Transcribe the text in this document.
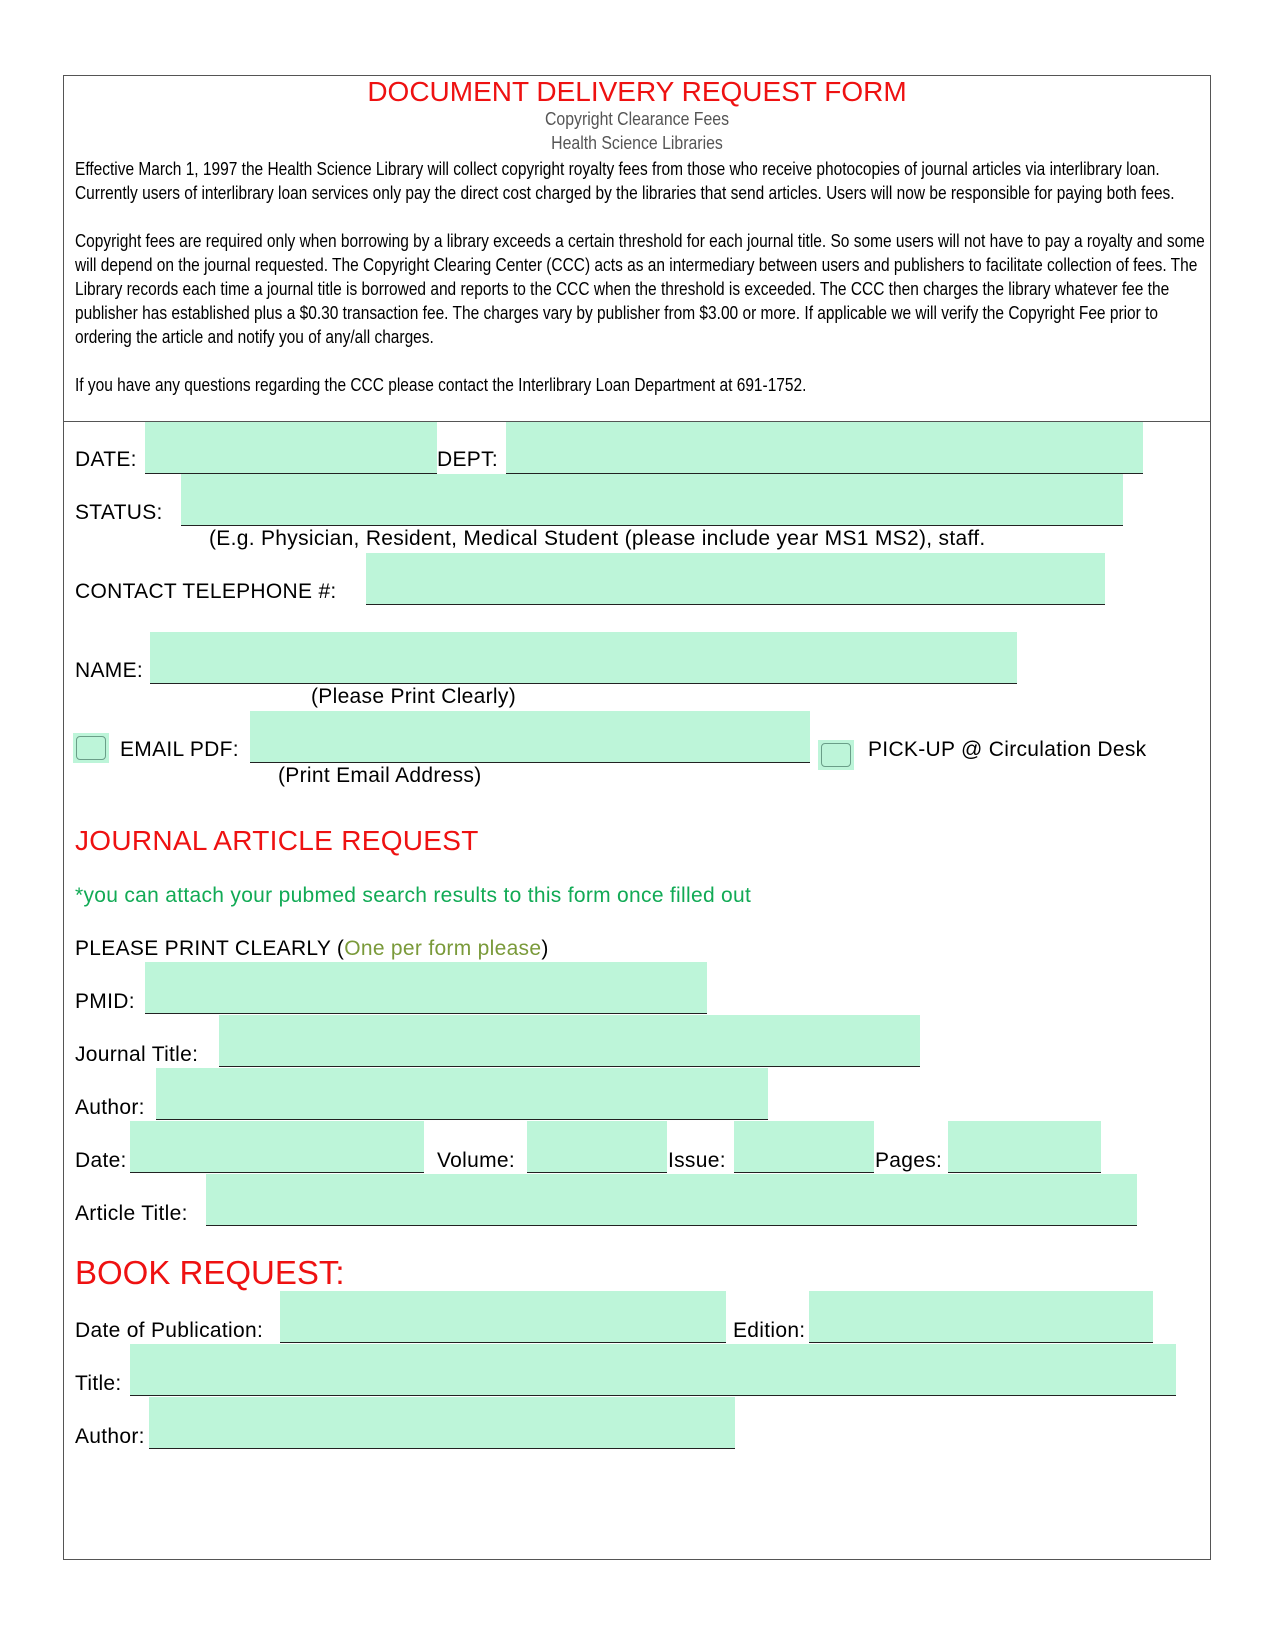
DOCUMENT DELIVERY REQUEST FORM
Copyright Clearance Fees
Health Science Libraries

Effective March 1, 1997 the Health Science Library will collect copyright royalty fees from those who receive photocopies of journal articles via interlibrary loan. Currently users of interlibrary loan services only pay the direct cost charged by the libraries that send articles. Users will now be responsible for paying both fees.

Copyright fees are required only when borrowing by a library exceeds a certain threshold for each journal title. So some users will not have to pay a royalty and some will depend on the journal requested. The Copyright Clearing Center (CCC) acts as an intermediary between users and publishers to facilitate collection of fees. The Library records each time a journal title is borrowed and reports to the CCC when the threshold is exceeded. The CCC then charges the library whatever fee the publisher has established plus a $0.30 transaction fee. The charges vary by publisher from $3.00 or more. If applicable we will verify the Copyright Fee prior to ordering the article and notify you of any/all charges.

If you have any questions regarding the CCC please contact the Interlibrary Loan Department at 691-1752.

DATE:	DEPT:
STATUS:
(E.g. Physician, Resident, Medical Student (please include year MS1 MS2), staff.
CONTACT TELEPHONE #:
NAME:
(Please Print Clearly)
EMAIL PDF:
(Print Email Address)
PICK-UP @ Circulation Desk
JOURNAL ARTICLE REQUEST
*you can attach your pubmed search results to this form once filled out
PLEASE PRINT CLEARLY (One per form please)
PMID:
Journal Title:
Author:
Date:	Volume:	Issue:	Pages:
Article Title:
BOOK REQUEST:
Date of Publication:	Edition:
Title:
Author:
